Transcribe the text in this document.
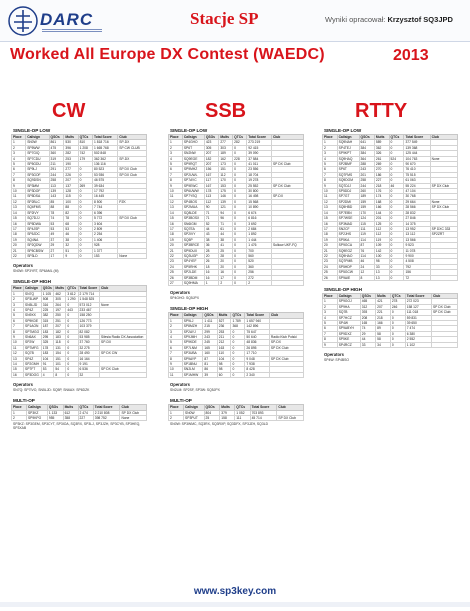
DARC	Stacje SP	Wyniki opracował: Krzysztof SQ3JPD
Worked All Europe DX Contest (WAEDC)	2013
CW	SSB	RTTY
SINGLE-OP LOW
Place	Callsign	QSOs	Mults	QTCs	Total Score	Club
1	SN0W	861	530	810	1 818 716	SP-DX
2	SP5WW	475	396	1 208	1 665 768	SP CW CLUB
3	SP7GIQ	360	282	742	502 848	
4	SP7CDU	319	253	179	362 362	SP-DX
5	SP5GDU	211	190		136 116	
6	SP9LJ	291	277	0	80 523	SP DX Club
7	SP3GOF	244	226	0	53 936	SP DX Club
8	SQ9DSN	258	207	0	46 575	
9	SP3MM	113	137	269	39 634	
10	SP3DOF	139	128	0	17 792	
11	SP5DSA	143	115	0	16 445	
12	SP2BLC	85	100	0	8 500	PZK
13	SQ6FMS	88	88	0	7 744	
14	SP2IVY	78	82	0	6 396	
15	SQ7DJJ	74	78	0	5 772	SP DX Club
16	SP5DWA	53	68	0	3 604	
17	SP4JSP	53	53	0	2 809	
18	SP5JDC	49	46	0	2 254	
19	SQ4NA	37	38	0	1 406	
20	SP2QDW	29	32	0	928	
21	SP5CBSW	27	51	0	1 377	
22	SP3LD	17	9	0	153	None
Operators
SN0W: SP3YRT, SP6AML (M)
SINGLE-OP HIGH
Place	Callsign	QSOs	Mults	QTCs	Total Score	Club
1	SN7Q	1 105	462	3 612	2 179 714	
2	SP3LWP	508	305	1 290	1 548 525	
3	SN5LJD	316	264	0	573 012	None
4	SP4Z	225	197	443	233 467	
5	SN9XX	382	250	0	158 250	
6	SP9KDE	315	251	0	126 773	
7	SP1AON	187	207	0	103 379	
8	SP7MGO	183	182	0	82 082	
9	SN6AX	295	183	0	53 985	Silesia Radio DX Association
10	SP2W	325	118	0	37 760	SP-DX
11	SP7MFG	178	131	0	32 275	
12	SQ7B	183	154	0	28 490	SP DX CW
13	SP4Z	104	151	0	16 164	
14	SP2GMH	91	101	0	9 191	
15	SP7FT	53	54	0	6 536	SP DX Club
16	SP3DOG	4	8	0	32	
Operators
SN7Q: SP7IVO, SN5LJD: SQ5P, SN6AX: SP6DZK
MULTI-OP
Place	Callsign	QSOs	Mults	QTCs	Total Score	Club
1	SP3KZ	1 133	612	2 474	2 210 808	SP DX Club
2	SP9KPO	955	358	227	398 752	None
SP3KZ: SP3GEM, SP3CYT, SP3IOA, SQ3RX, SP3LJ, SP3JZH, SP3CYB, SP3HEQ, SP3XAB
SINGLE-OP LOW
Place	Callsign	QSOs	Mults	QTCs	Total Score	Club
1	SP4GHO	423	277	282	273 219	
2	SP6T	305	303	0	92 415	
3	SN2NW	207	189	0	39 090	
4	SQ9EGE	182	162	228	37 584	
5	SP9RQT	207	173	0	41 011	SP DX Club
6	SP9MHZ	156	151	0	23 556	
7	SP2UWL	167	112	0	18 704	
8	SP7AYC	117	170	0	19 278	
9	SP9EWC	167	153	0	25 552	SP DX Club
10	SP6UWW	178	175	0	30 800	
11	SP7YSQ	113	146	0	16 498	SP-DX
12	SP4BOS	112	139	0	15 568	
13	SP2MUA	90	121	0	10 890	
14	SQ8LDE	71	94	0	6 674	
15	SP3BOSX	71	96	0	6 816	
16	SN6IGM	52	71	0	3 692	
17	SQ7EA	44	61	0	2 684	
18	SP2IVY	43	44	0	1 892	
19	SQ5P	38	38	0	1 444	
20	SP3BRCE	36	41	0	1 476	Sulkow UKF-FQ
21	SP9DUX	28	25	0	700	
22	SQ3UGP	20	28	0	560	
23	SP4YEF	26	20	0	520	
24	SP5RHK	18	20	0	360	
25	SP2LDE	16	16	0	256	
26	SP3BDM	16	17	0	272	
27	SQ9HMA	1	2	0	2	
Operators
SP4GHO: SQ5JPX
SINGLE-OP HIGH
Place	Callsign	QSOs	Mults	QTCs	Total Score	Club
1	SP9LJ	1 411	527	1 789	1 657 940	
2	SP8MZH	215	236	368	142 896	
3	SP2AYJ	299	253	0	75 647	
4	SP9JMH	243	211	0	50 640	Radio Klub Polski
5	SP9KDE	245	212	0	48 836	SP-DX
6	SP7LNM	165	163	0	26 895	SP DX Club
7	SP3UBA	160	110	0	17 710	
8	SP9AYP	87	104	0	9 048	SP DX Club
9	SP1BNU	81	98	0	7 938	
10	SN2LM	86	98	0	8 428	
11	SP1MHW	39	60	0	2 340	
Operators
SN2LM: SP2SF, SP3W: SQ5JPX
MULTI-OP
Place	Callsign	QSOs	Mults	QTCs	Total Score	Club
1	SN0W	804	379	1 052	703 893	
2	SP3PUT	25	158	111	45 714	SP DX Club
SN0W: SP3WMC, SQ3RX, SQ3RXP, SQ3DFX, SP3JZH, SQ3LD
SINGLE-OP LOW
Place	Callsign	QSOs	Mults	QTCs	Total Score	Club
1	SQ9NAH	641	589	0	377 549	
2	SP4TEJ	384	362	0	139 368	
3	SP9KPT	384	326	0	125 444	
4	SQ9HAQ	364	261	524	104 763	None
5	SP2BMF	288	269	0	90 670	
6	SP6T	243	270	0	76 410	
7	SQ7FMS	201	186	0	75 515	
8	SQ9DOM	258	227	0	61 063	
9	SQ7DJJ	244	218	46	55 224	SP DX Club
10	SP5DDJ	260	176	0	47 104	
11	SP7GT	189	174	0	30 768	
12	SP2DMI	159	168	0	29 664	None
13	SQ5HBD	159	166	0	28 566	SP DX Club
14	SP7EBN	170	144	0	28 832	
15	SP7WSE	124	201	0	27 846	
16	SP3MAD	115	125	0	14 375	
17	SN2CF	111	112	0	13 952	SP DXC 333
18	SP2JHS	119	112	0	13 112	SP2ZRT
19	SP5KA	114	119	0	13 566	
20	SP9GCA	87	109	0	9 523	
21	SQ9EGZ	76	142	0	11 078	
22	SQ9HAO	114	100	0	9 900	
23	SQ7PMB	46	98	0	4 508	
24	SP5HDP	24	33	0	792	
25	SP5GCW	12	13	0	156	
26	SP9AIE	8	13	0	72	
SINGLE-OP HIGH
Place	Callsign	QSOs	Mults	QTCs	Total Score	Club
1	SP9GOJ	465	421	278	272 023	
2	SP9HA	312	207	246	158 127	SP DX Club
3	SQ7B	393	221	0	111 018	SP DX Club
4	SP7HCZ	208	218	0	59 831	
5	SP4W	165	166	0	39 650	
6	SP9ABYH	74	89	0	7 474	
7	SP9DXZ	29	58	0	6 380	
8	SP5KE	44	58	0	2 552	
9	SP4RCZ	33	34	0	1 102	
Operators
SP4W: SP4BSO
www.sp3key.com
